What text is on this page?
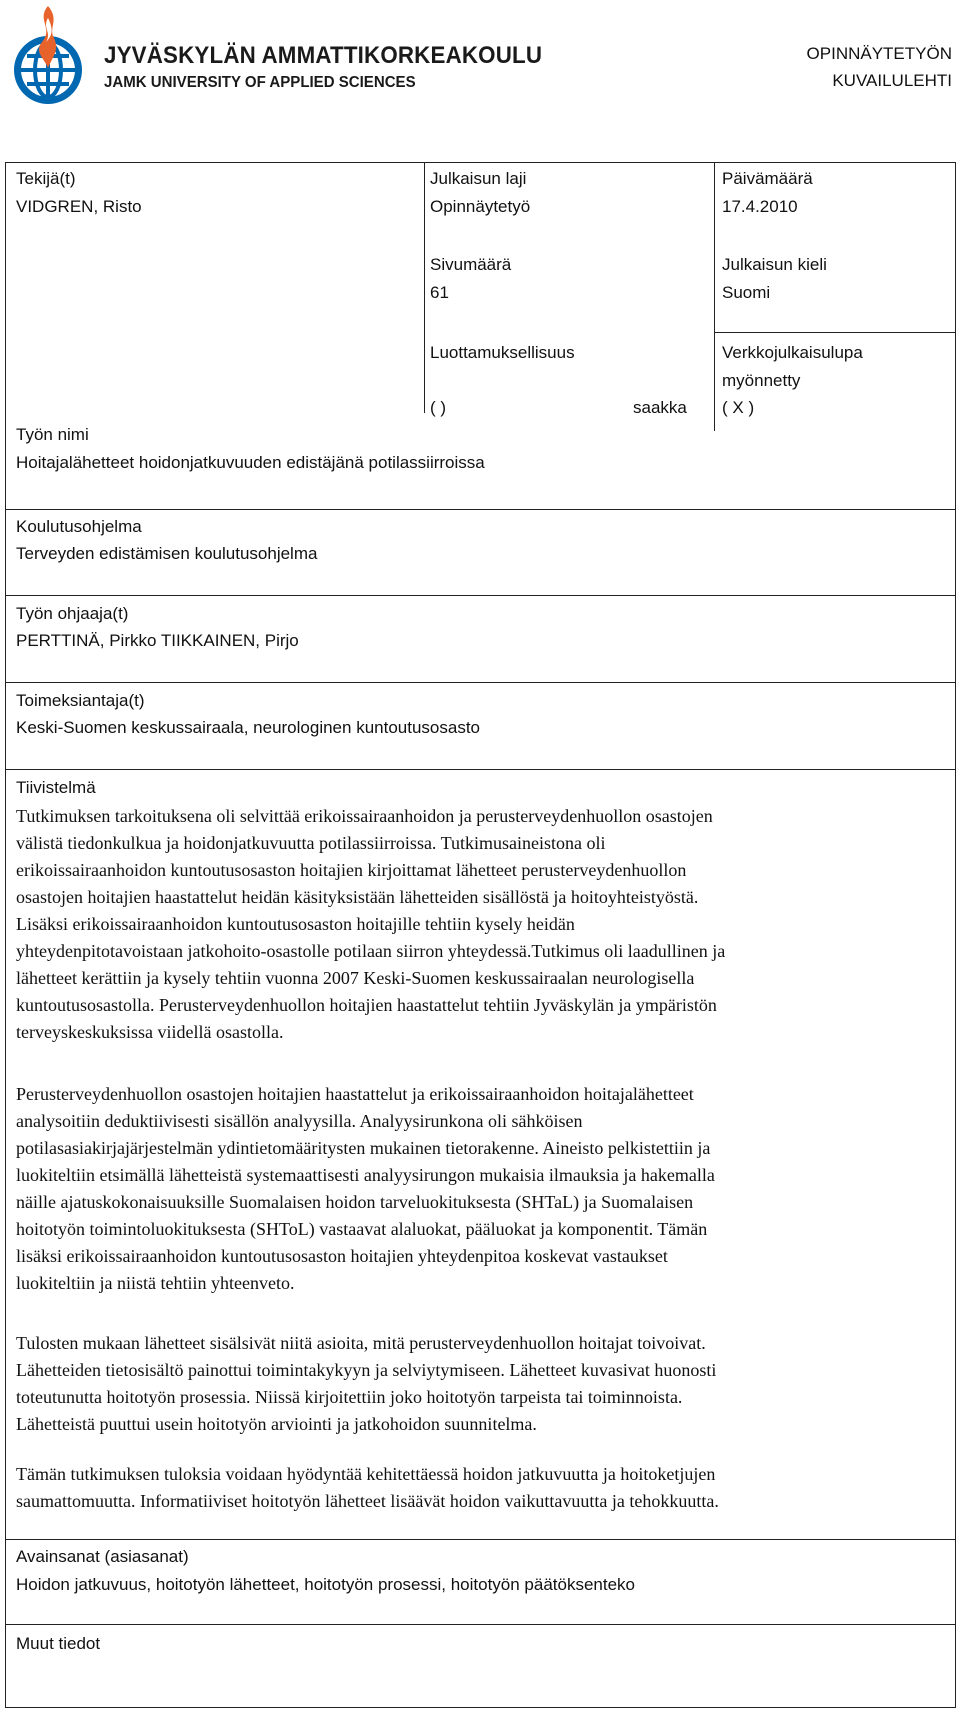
JYVÄSKYLÄN AMMATTIKORKEAKOULU
JAMK UNIVERSITY OF APPLIED SCIENCES
OPINNÄYTETYÖN
KUVAILULEHTI
Tekijä(t)
VIDGREN, Risto
Julkaisun laji
Opinnäytetyö
Päivämäärä
17.4.2010
Sivumäärä
61
Julkaisun kieli
Suomi
Luottamuksellisuus
( )	saakka
Verkkojulkaisulupa
myönnetty
( X )
Työn nimi
Hoitajalähetteet hoidonjatkuvuuden edistäjänä potilassiirroissa
Koulutusohjelma
Terveyden edistämisen koulutusohjelma
Työn ohjaaja(t)
PERTTINÄ, Pirkko TIIKKAINEN, Pirjo
Toimeksiantaja(t)
Keski-Suomen keskussairaala, neurologinen kuntoutusosasto
Tiivistelmä
Tutkimuksen tarkoituksena oli selvittää erikoissairaanhoidon ja perusterveydenhuollon osastojen
välistä tiedonkulkua ja hoidonjatkuvuutta potilassiirroissa. Tutkimusaineistona oli
erikoissairaanhoidon kuntoutusosaston hoitajien kirjoittamat lähetteet perusterveydenhuollon
osastojen hoitajien haastattelut heidän käsityksistään lähetteiden sisällöstä ja hoitoyhteistyöstä.
Lisäksi erikoissairaanhoidon kuntoutusosaston hoitajille tehtiin kysely heidän
yhteydenpitotavoistaan jatkohoito-osastolle potilaan siirron yhteydessä.Tutkimus oli laadullinen ja
lähetteet kerättiin ja kysely tehtiin vuonna 2007 Keski-Suomen keskussairaalan neurologisella
kuntoutusosastolla. Perusterveydenhuollon hoitajien haastattelut tehtiin Jyväskylän ja ympäristön
terveyskeskuksissa viidellä osastolla.
Perusterveydenhuollon osastojen hoitajien haastattelut ja erikoissairaanhoidon hoitajalähetteet
analysoitiin deduktiivisesti sisällön analyysilla. Analyysirunkona oli sähköisen
potilasasiakirjajärjestelmän ydintietomääritysten mukainen tietorakenne. Aineisto pelkistettiin ja
luokiteltiin etsimällä lähetteistä systemaattisesti analyysirungon mukaisia ilmauksia ja hakemalla
näille ajatuskokonaisuuksille Suomalaisen hoidon tarveluokituksesta (SHTaL) ja Suomalaisen
hoitotyön toimintoluokituksesta (SHToL) vastaavat alaluokat, pääluokat ja komponentit. Tämän
lisäksi erikoissairaanhoidon kuntoutusosaston hoitajien yhteydenpitoa koskevat vastaukset
luokiteltiin ja niistä tehtiin yhteenveto.
Tulosten mukaan lähetteet sisälsivät niitä asioita, mitä perusterveydenhuollon hoitajat toivoivat.
Lähetteiden tietosisältö painottui toimintakykyyn ja selviytymiseen. Lähetteet kuvasivat huonosti
toteutunutta hoitotyön prosessia. Niissä kirjoitettiin joko hoitotyön tarpeista tai toiminnoista.
Lähetteistä puuttui usein hoitotyön arviointi ja jatkohoidon suunnitelma.
Tämän tutkimuksen tuloksia voidaan hyödyntää kehitettäessä hoidon jatkuvuutta ja hoitoketjujen
saumattomuutta. Informatiiviset hoitotyön lähetteet lisäävät hoidon vaikuttavuutta ja tehokkuutta.
Avainsanat (asiasanat)
Hoidon jatkuvuus, hoitotyön lähetteet, hoitotyön prosessi, hoitotyön päätöksenteko
Muut tiedot
